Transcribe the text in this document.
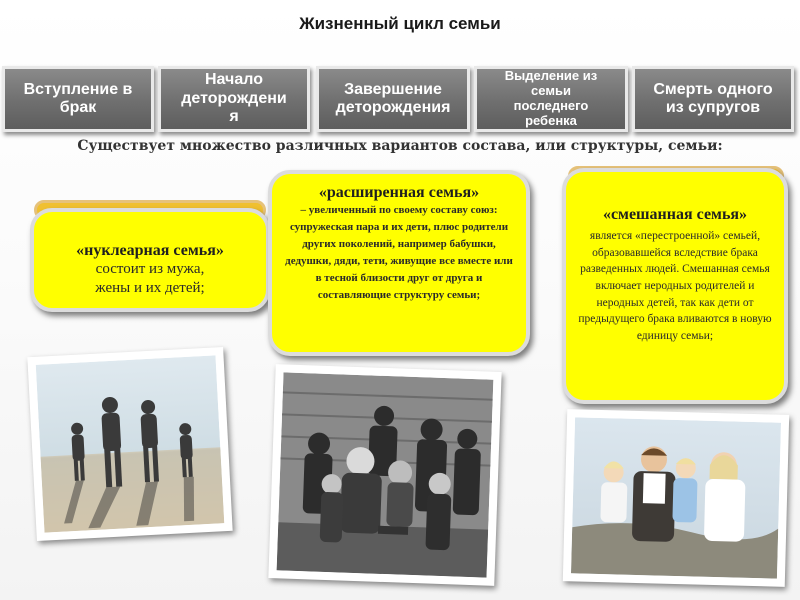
Жизненный цикл семьи
Вступление в
брак
Начало
деторождени
я
Завершение
деторождения
Выделение из
семьи
последнего
ребенка
Смерть одного
из супругов
Существует множество различных вариантов состава, или структуры, семьи:
«нуклеарная семья»
состоит из мужа,
жены и их детей;
«расширенная семья»
– увеличенный по своему составу союз: супружеская пара и их дети, плюс родители других поколений, например бабушки, дедушки, дяди, тети, живущие все вместе или в тесной близости друг от друга и составляющие структуру семьи;
«смешанная семья»
является «перестроенной» семьей, образовавшейся вследствие брака разведенных людей. Смешанная семья включает неродных родителей и неродных детей, так как дети от предыдущего брака вливаются в новую единицу семьи;
